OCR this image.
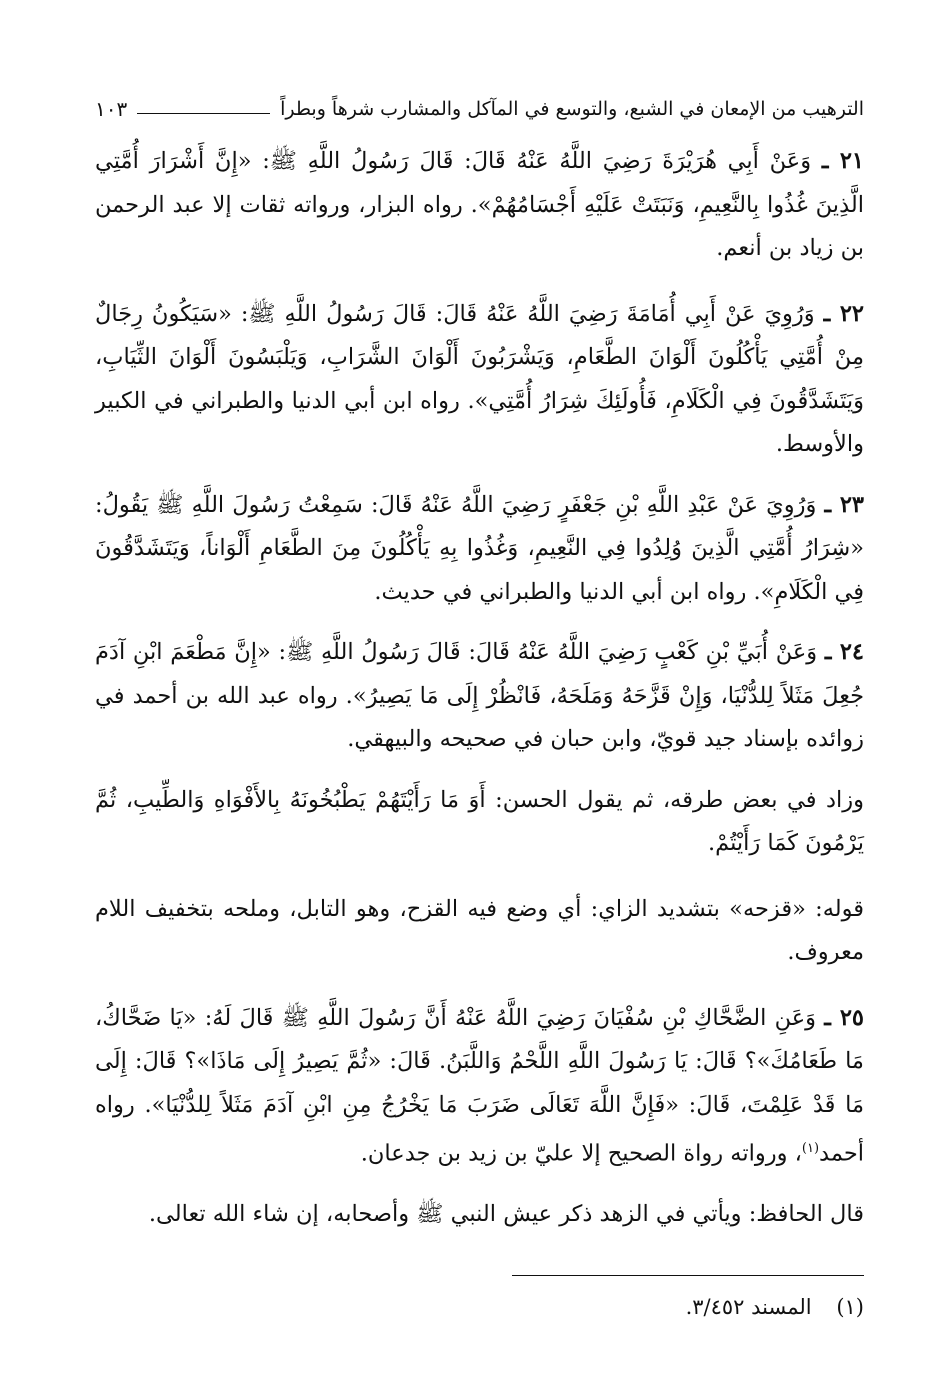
الترهيب من الإمعان في الشبع، والتوسع في المآكل والمشارب شرهاً وبطراً
١٠٣

٢١ ـ وَعَنْ أَبِي هُرَيْرَةَ رَضِيَ اللَّهُ عَنْهُ قَالَ: قَالَ رَسُولُ اللَّهِ ﷺ: «إِنَّ أَشْرَارَ أُمَّتِي الَّذِينَ غُذُوا بِالنَّعِيمِ، وَنَبَتَتْ عَلَيْهِ أَجْسَامُهُمْ». رواه البزار، ورواته ثقات إلا عبد الرحمن بن زياد بن أنعم.

٢٢ ـ وَرُوِيَ عَنْ أَبِي أُمَامَةَ رَضِيَ اللَّهُ عَنْهُ قَالَ: قَالَ رَسُولُ اللَّهِ ﷺ: «سَيَكُونُ رِجَالٌ مِنْ أُمَّتِي يَأْكُلُونَ أَلْوَانَ الطَّعَامِ، وَيَشْرَبُونَ أَلْوَانَ الشَّرَابِ، وَيَلْبَسُونَ أَلْوَانَ الثِّيَابِ، وَيَتَشَدَّقُونَ فِي الْكَلَامِ، فَأُولَئِكَ شِرَارُ أُمَّتِي». رواه ابن أبي الدنيا والطبراني في الكبير والأوسط.

٢٣ ـ وَرُوِيَ عَنْ عَبْدِ اللَّهِ بْنِ جَعْفَرٍ رَضِيَ اللَّهُ عَنْهُ قَالَ: سَمِعْتُ رَسُولَ اللَّهِ ﷺ يَقُولُ: «شِرَارُ أُمَّتِي الَّذِينَ وُلِدُوا فِي النَّعِيمِ، وَغُذُوا بِهِ يَأْكُلُونَ مِنَ الطَّعَامِ أَلْوَاناً، وَيَتَشَدَّقُونَ فِي الْكَلَامِ». رواه ابن أبي الدنيا والطبراني في حديث.

٢٤ ـ وَعَنْ أُبَيِّ بْنِ كَعْبٍ رَضِيَ اللَّهُ عَنْهُ قَالَ: قَالَ رَسُولُ اللَّهِ ﷺ: «إِنَّ مَطْعَمَ ابْنِ آدَمَ جُعِلَ مَثَلاً لِلدُّنْيَا، وَإِنْ قَزَّحَهُ وَمَلَحَهُ، فَانْظُرْ إِلَى مَا يَصِيرُ». رواه عبد الله بن أحمد في زوائده بإسناد جيد قويّ، وابن حبان في صحيحه والبيهقي.

وزاد في بعض طرقه، ثم يقول الحسن: أَوَ مَا رَأَيْتَهُمْ يَطْبُخُونَهُ بِالأَفْوَاهِ وَالطِّيبِ، ثُمَّ يَرْمُونَ كَمَا رَأَيْتُمْ.

قوله: «قزحه» بتشديد الزاي: أي وضع فيه القزح، وهو التابل، وملحه بتخفيف اللام معروف.

٢٥ ـ وَعَنِ الضَّحَّاكِ بْنِ سُفْيَانَ رَضِيَ اللَّهُ عَنْهُ أَنَّ رَسُولَ اللَّهِ ﷺ قَالَ لَهُ: «يَا ضَحَّاكُ، مَا طَعَامُكَ»؟ قَالَ: يَا رَسُولَ اللَّهِ اللَّحْمُ وَاللَّبَنُ. قَالَ: «ثُمَّ يَصِيرُ إِلَى مَاذَا»؟ قَالَ: إِلَى مَا قَدْ عَلِمْتَ، قَالَ: «فَإِنَّ اللَّهَ تَعَالَى ضَرَبَ مَا يَخْرُجُ مِنِ ابْنِ آدَمَ مَثَلاً لِلدُّنْيَا». رواه أحمد$^{(١)}$، ورواته رواة الصحيح إلا عليّ بن زيد بن جدعان.

قال الحافظ: ويأتي في الزهد ذكر عيش النبي ﷺ وأصحابه، إن شاء الله تعالى.

(١) المسند ٣/٤٥٢.
